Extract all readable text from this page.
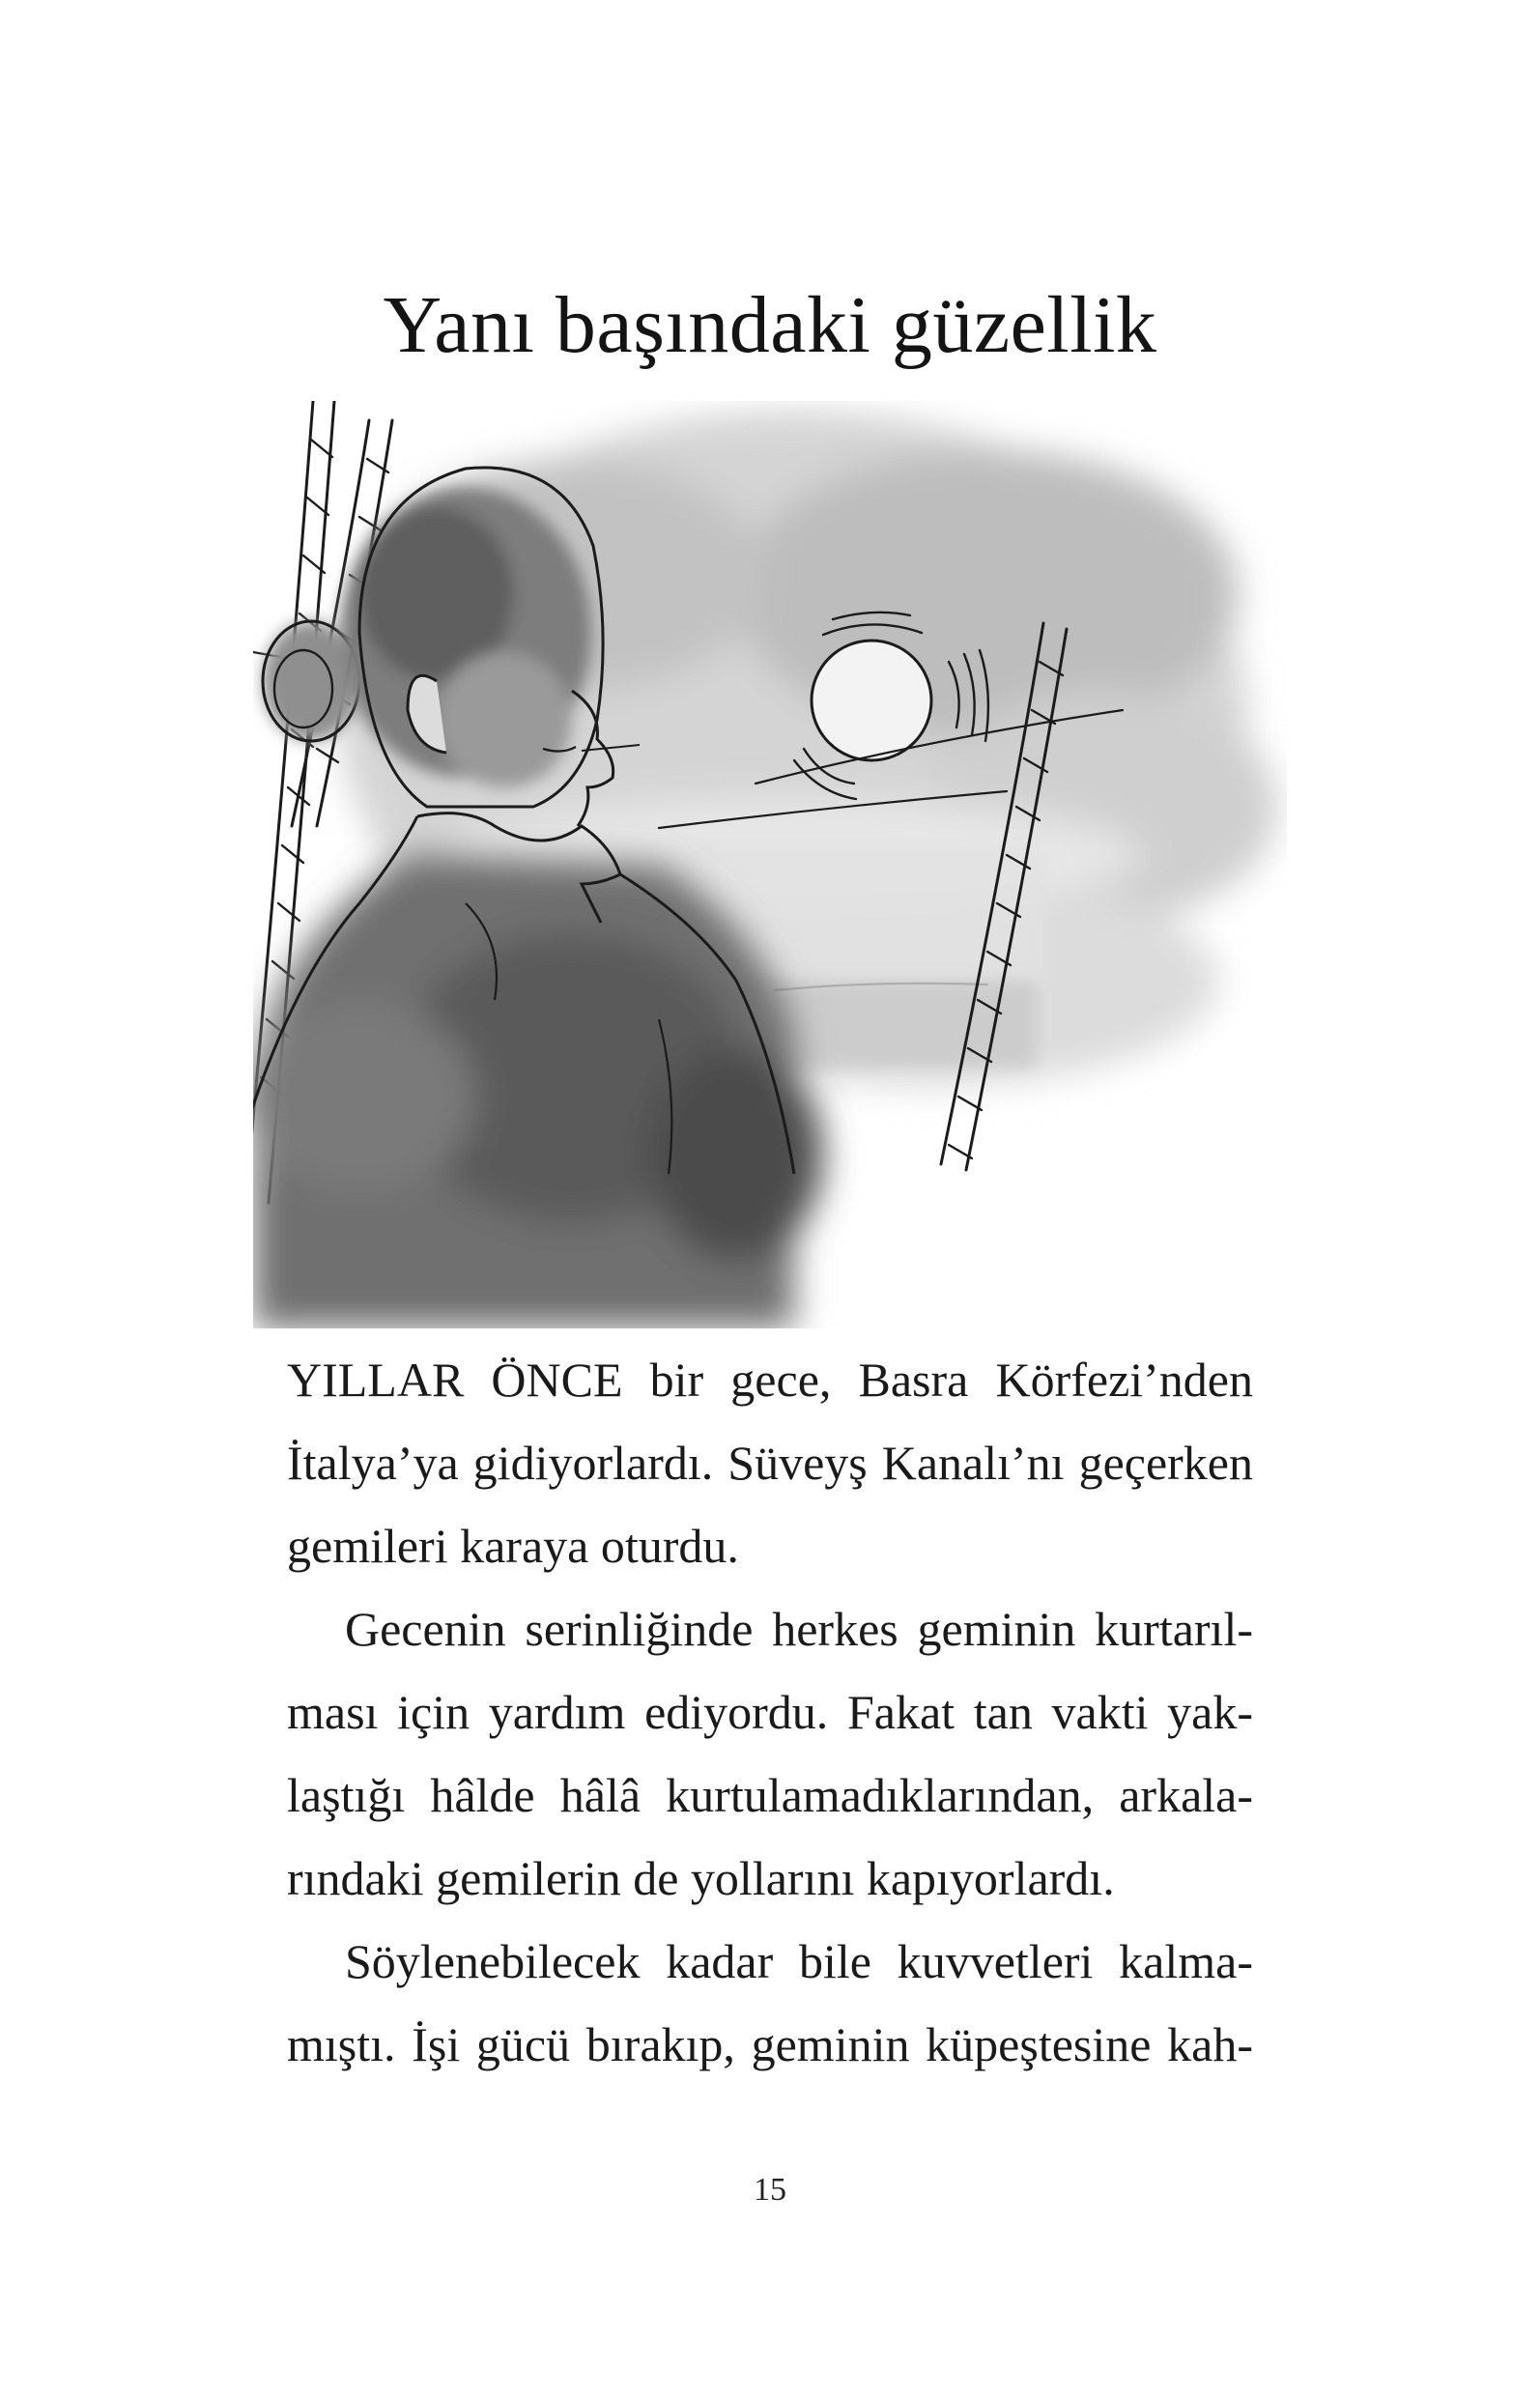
Yanı başındaki güzellik
YILLAR ÖNCE bir gece, Basra Körfezi’nden
İtalya’ya gidiyorlardı. Süveyş Kanalı’nı geçerken
gemileri karaya oturdu.
Gecenin serinliğinde herkes geminin kurtarıl-
ması için yardım ediyordu. Fakat tan vakti yak-
laştığı hâlde hâlâ kurtulamadıklarından, arkala-
rındaki gemilerin de yollarını kapıyorlardı.
Söylenebilecek kadar bile kuvvetleri kalma-
mıştı. İşi gücü bırakıp, geminin küpeştesine kah-
15
